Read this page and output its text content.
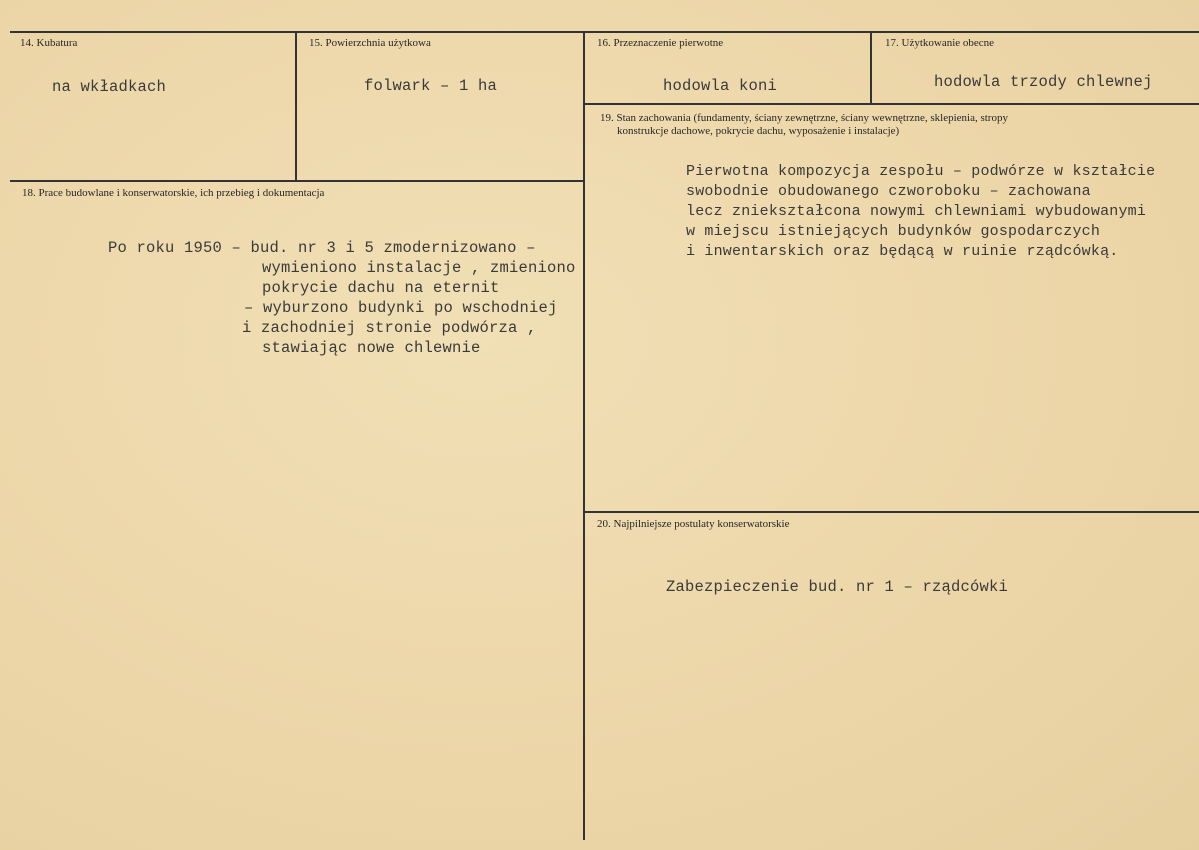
14. Kubatura
na wkładkach
15. Powierzchnia użytkowa
folwark – 1 ha
16. Przeznaczenie pierwotne
hodowla koni
17. Użytkowanie obecne
hodowla trzody chlewnej
18. Prace budowlane i konserwatorskie, ich przebieg i dokumentacja
Po roku 1950 – bud. nr 3 i 5 zmodernizowano –
wymieniono instalacje , zmieniono
pokrycie dachu na eternit
– wyburzono budynki po wschodniej
i zachodniej stronie podwórza ,
stawiając nowe chlewnie
19. Stan zachowania (fundamenty, ściany zewnętrzne, ściany wewnętrzne, sklepienia, stropy
konstrukcje dachowe, pokrycie dachu, wyposażenie i instalacje)
Pierwotna kompozycja zespołu – podwórze w kształcie
swobodnie obudowanego czworoboku – zachowana
lecz zniekształcona nowymi chlewniami wybudowanymi
w miejscu istniejących budynków gospodarczych
i inwentarskich oraz będącą w ruinie rządcówką.
20. Najpilniejsze postulaty konserwatorskie
Zabezpieczenie bud. nr 1 – rządcówki
